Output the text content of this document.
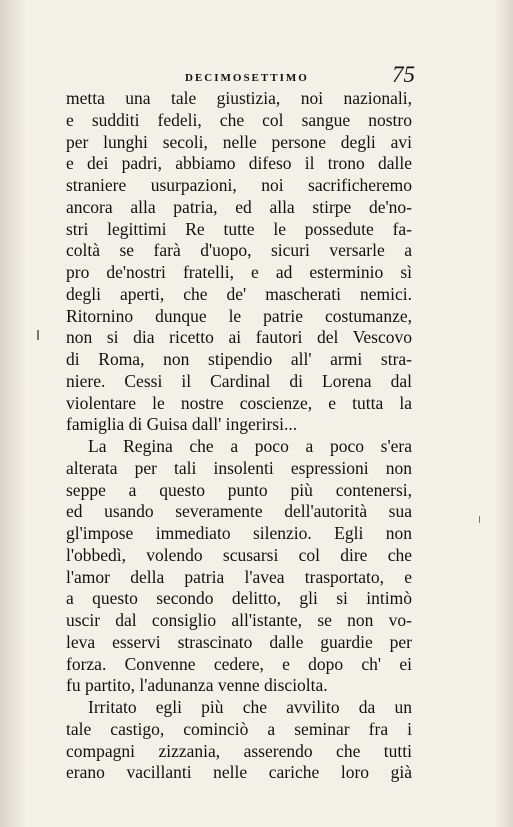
DECIMOSETTIMO	75
metta una tale giustizia, noi nazionali,
e sudditi fedeli, che col sangue nostro
per lunghi secoli, nelle persone degli avi
e dei padri, abbiamo difeso il trono dalle
straniere usurpazioni, noi sacrificheremo
ancora alla patria, ed alla stirpe de'no-
stri legittimi Re tutte le possedute fa-
coltà se farà d'uopo, sicuri versarle a
pro de'nostri fratelli, e ad esterminio sì
degli aperti, che de' mascherati nemici.
Ritornino dunque le patrie costumanze,
non si dia ricetto ai fautori del Vescovo
di Roma, non stipendio all' armi stra-
niere. Cessi il Cardinal di Lorena dal
violentare le nostre coscienze, e tutta la
famiglia di Guisa dall' ingerirsi...
La Regina che a poco a poco s'era
alterata per tali insolenti espressioni non
seppe a questo punto più contenersi,
ed usando severamente dell'autorità sua
gl'impose immediato silenzio. Egli non
l'obbedì, volendo scusarsi col dire che
l'amor della patria l'avea trasportato, e
a questo secondo delitto, gli si intimò
uscir dal consiglio all'istante, se non vo-
leva esservi strascinato dalle guardie per
forza. Convenne cedere, e dopo ch' ei
fu partito, l'adunanza venne disciolta.
Irritato egli più che avvilito da un
tale castigo, cominciò a seminar fra i
compagni zizzania, asserendo che tutti
erano vacillanti nelle cariche loro già
